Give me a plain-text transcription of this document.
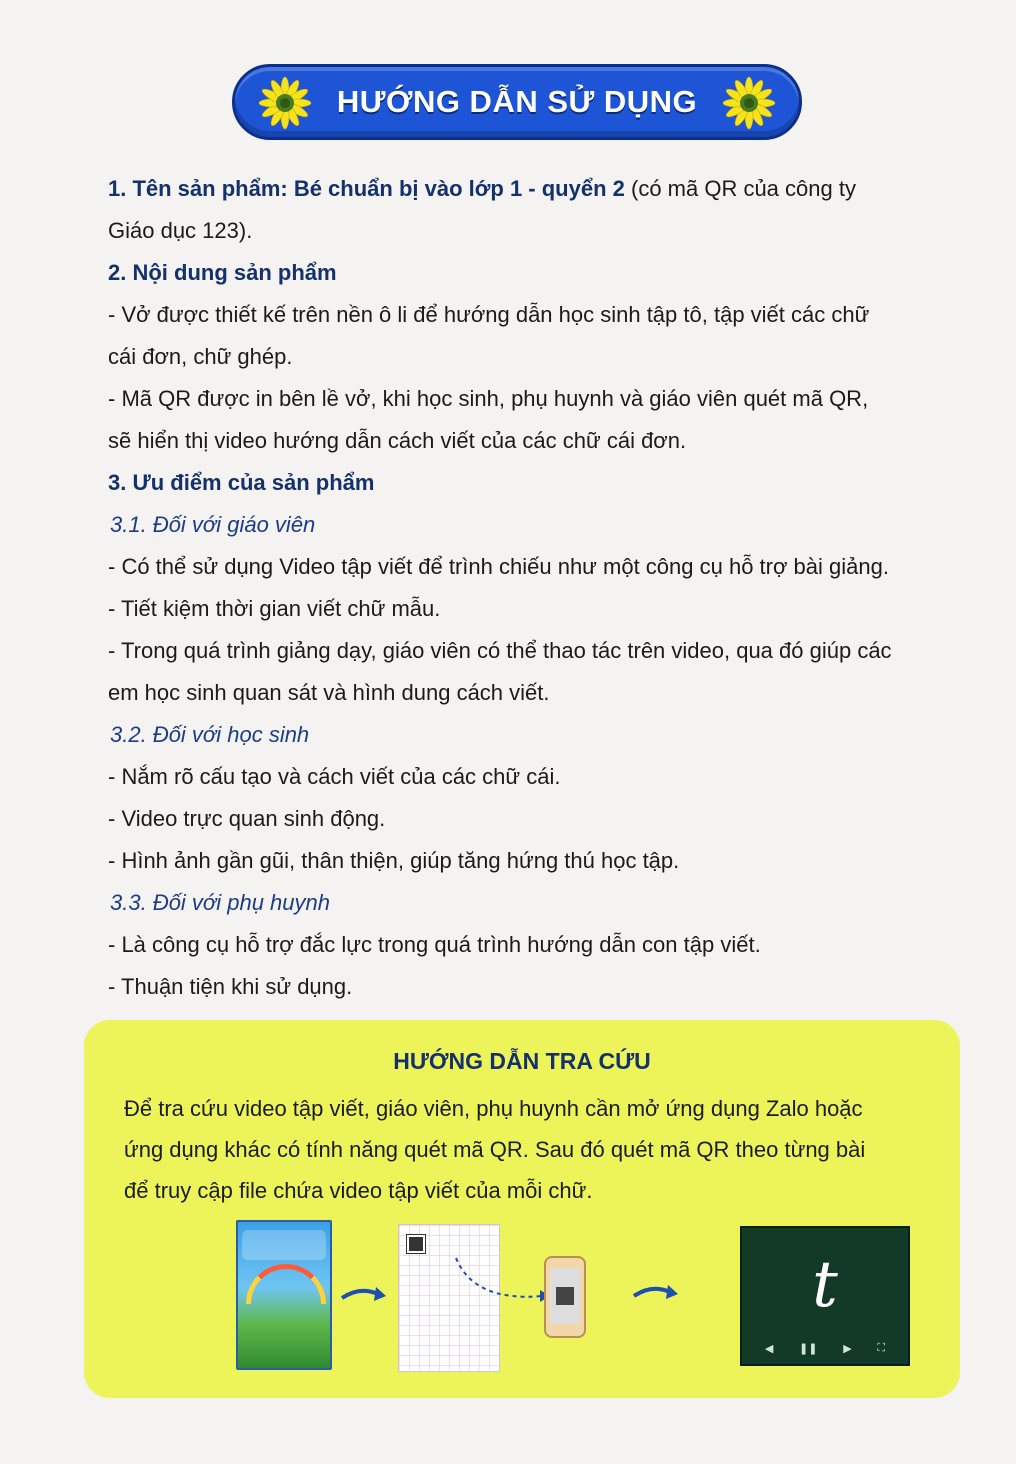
HƯỚNG DẪN SỬ DỤNG
1. Tên sản phẩm: Bé chuẩn bị vào lớp 1 - quyển 2 (có mã QR của công ty
Giáo dục 123).
2. Nội dung sản phẩm
- Vở được thiết kế trên nền ô li để hướng dẫn học sinh tập tô, tập viết các chữ
cái đơn, chữ ghép.
- Mã QR được in bên lề vở, khi học sinh, phụ huynh và giáo viên quét mã QR,
sẽ hiển thị video hướng dẫn cách viết của các chữ cái đơn.
3. Ưu điểm của sản phẩm
3.1. Đối với giáo viên
- Có thể sử dụng Video tập viết để trình chiếu như một công cụ hỗ trợ bài giảng.
- Tiết kiệm thời gian viết chữ mẫu.
- Trong quá trình giảng dạy, giáo viên có thể thao tác trên video, qua đó giúp các
em học sinh quan sát và hình dung cách viết.
3.2. Đối với học sinh
- Nắm rõ cấu tạo và cách viết của các chữ cái.
- Video trực quan sinh động.
- Hình ảnh gần gũi, thân thiện, giúp tăng hứng thú học tập.
3.3. Đối với phụ huynh
- Là công cụ hỗ trợ đắc lực trong quá trình hướng dẫn con tập viết.
- Thuận tiện khi sử dụng.
HƯỚNG DẪN TRA CỨU
Để tra cứu video tập viết, giáo viên, phụ huynh cần mở ứng dụng Zalo hoặc
ứng dụng khác có tính năng quét mã QR. Sau đó quét mã QR theo từng bài
để truy cập file chứa video tập viết của mỗi chữ.
t
◀ ❚❚ ▶ ⛶
